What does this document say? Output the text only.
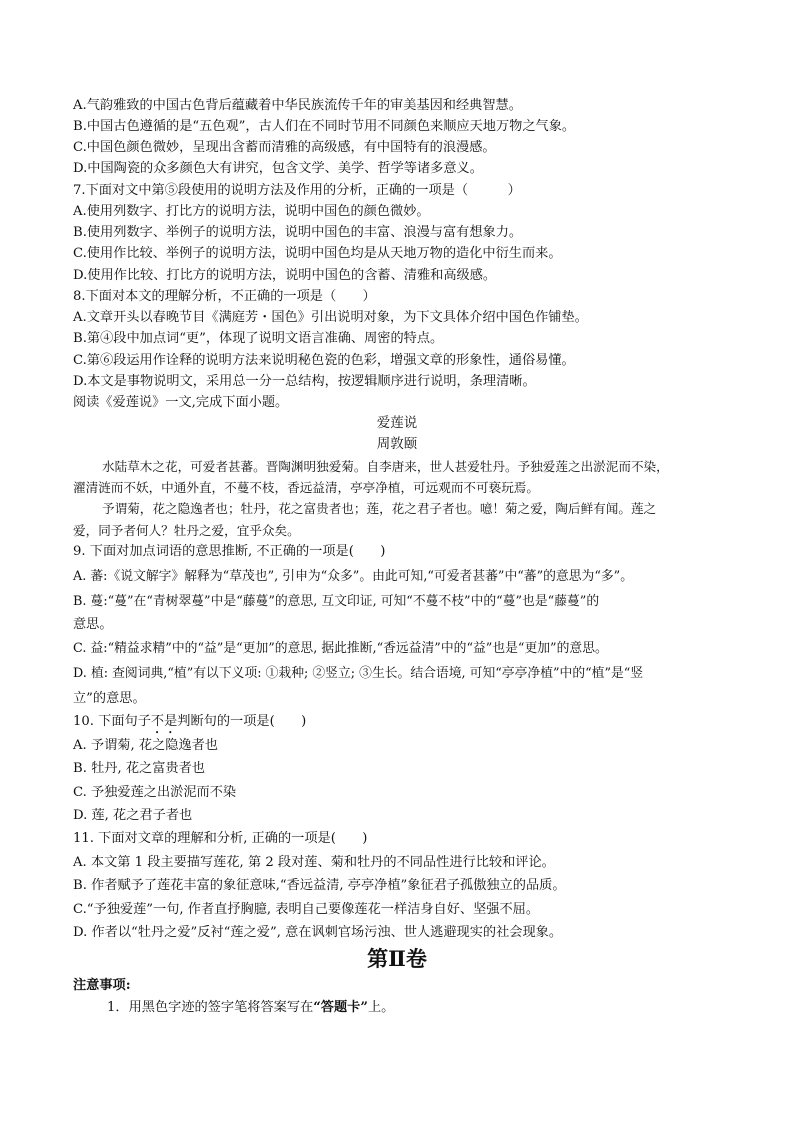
A.气韵雅致的中国古色背后蕴藏着中华民族流传千年的审美基因和经典智慧。
B.中国古色遵循的是“五色观”，古人们在不同时节用不同颜色来顺应天地万物之气象。
C.中国色颜色微妙，呈现出含蓄而清雅的高级感，有中国特有的浪漫感。
D.中国陶瓷的众多颜色大有讲究，包含文学、美学、哲学等诸多意义。
7.下面对文中第⑤段使用的说明方法及作用的分析，正确的一项是（　　　）
A.使用列数字、打比方的说明方法，说明中国色的颜色微妙。
B.使用列数字、举例子的说明方法，说明中国色的丰富、浪漫与富有想象力。
C.使用作比较、举例子的说明方法，说明中国色均是从天地万物的造化中衍生而来。
D.使用作比较、打比方的说明方法，说明中国色的含蓄、清雅和高级感。
8.下面对本文的理解分析，不正确的一项是（　　）
A.文章开头以春晚节目《满庭芳・国色》引出说明对象，为下文具体介绍中国色作铺垫。
B.第④段中加点词“更”，体现了说明文语言准确、周密的特点。
C.第⑥段运用作诠释的说明方法来说明秘色瓷的色彩，增强文章的形象性，通俗易懂。
D.本文是事物说明文，采用总一分一总结构，按逻辑顺序进行说明，条理清晰。
阅读《爱莲说》一文,完成下面小题。
爱莲说
周敦颐
水陆草木之花，可爱者甚蕃。晋陶渊明独爱菊。自李唐来，世人甚爱牡丹。予独爱莲之出淤泥而不染，
濯清涟而不妖，中通外直，不蔓不枝，香远益清，亭亭净植，可远观而不可亵玩焉。
予谓菊，花之隐逸者也；牡丹，花之富贵者也；莲，花之君子者也。噫！菊之爱，陶后鲜有闻。莲之
爱，同予者何人？牡丹之爱，宜乎众矣。
9. 下面对加点词语的意思推断, 不正确的一项是(　　)
A. 蕃:《说文解字》解释为“草茂也”, 引申为“众多”。由此可知,“可爱者甚蕃”中“蕃”的意思为“多”。
B. 蔓:“蔓”在“青树翠蔓”中是“藤蔓”的意思, 互文印证, 可知“不蔓不枝”中的“蔓”也是“藤蔓”的
意思。
C. 益:“精益求精”中的“益”是“更加”的意思, 据此推断,“香远益清”中的“益”也是“更加”的意思。
D. 植: 查阅词典,“植”有以下义项: ①栽种; ②竖立; ③生长。结合语境, 可知“亭亭净植”中的“植”是“竖
立”的意思。
10. 下面句子不是判断句的一项是(　　)
A. 予谓菊, 花之隐逸者也
B. 牡丹, 花之富贵者也
C. 予独爱莲之出淤泥而不染
D. 莲, 花之君子者也
11. 下面对文章的理解和分析, 正确的一项是(　　)
A. 本文第 1 段主要描写莲花, 第 2 段对莲、菊和牡丹的不同品性进行比较和评论。
B. 作者赋予了莲花丰富的象征意味,“香远益清, 亭亭净植”象征君子孤傲独立的品质。
C.“予独爱莲”一句, 作者直抒胸臆, 表明自己要像莲花一样洁身自好、坚强不屈。
D. 作者以“牡丹之爱”反衬“莲之爱”, 意在讽刺官场污浊、世人逃避现实的社会现象。
第Ⅱ卷
注意事项:
1．用黑色字迹的签字笔将答案写在“答题卡”上。
